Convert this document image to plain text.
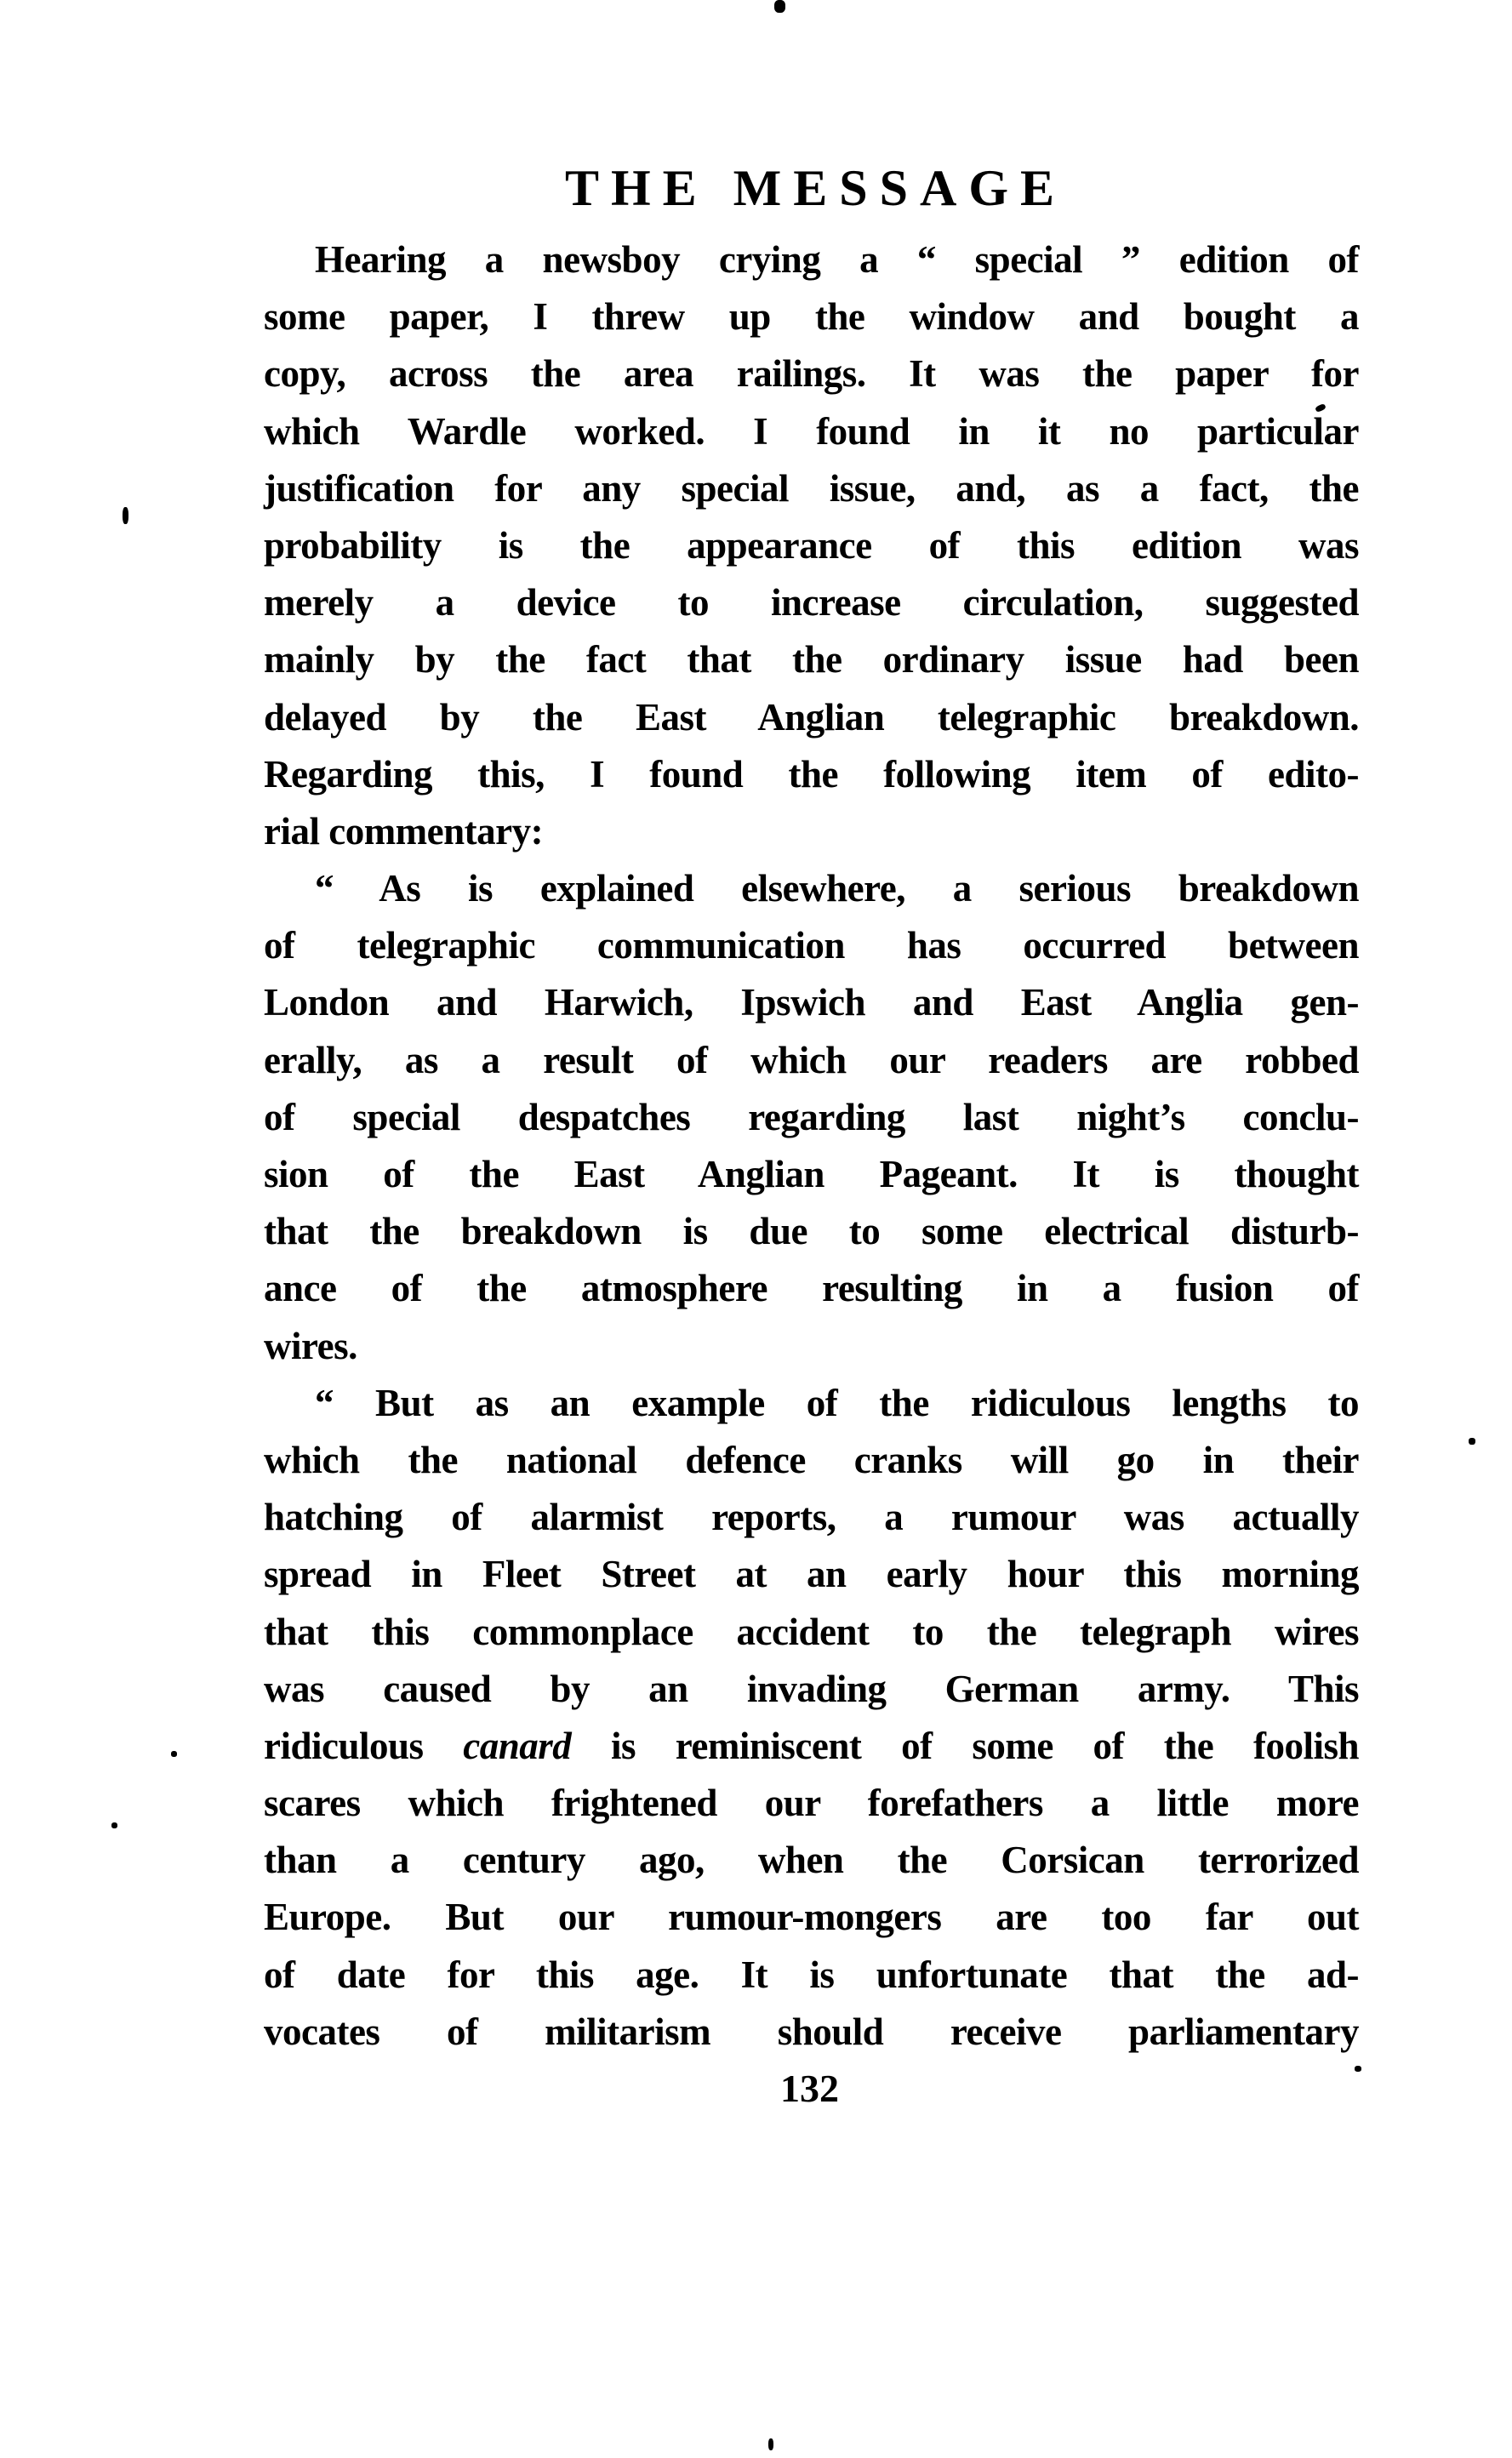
THE MESSAGE
Hearing a newsboy crying a “ special ” edition of
some paper, I threw up the window and bought a
copy, across the area railings. It was the paper for
which Wardle worked. I found in it no particular
justification for any special issue, and, as a fact, the
probability is the appearance of this edition was
merely a device to increase circulation, suggested
mainly by the fact that the ordinary issue had been
delayed by the East Anglian telegraphic breakdown.
Regarding this, I found the following item of edito-
rial commentary:
“ As is explained elsewhere, a serious breakdown
of telegraphic communication has occurred between
London and Harwich, Ipswich and East Anglia gen-
erally, as a result of which our readers are robbed
of special despatches regarding last night’s conclu-
sion of the East Anglian Pageant. It is thought
that the breakdown is due to some electrical disturb-
ance of the atmosphere resulting in a fusion of
wires.
“ But as an example of the ridiculous lengths to
which the national defence cranks will go in their
hatching of alarmist reports, a rumour was actually
spread in Fleet Street at an early hour this morning
that this commonplace accident to the telegraph wires
was caused by an invading German army. This
ridiculous canard is reminiscent of some of the foolish
scares which frightened our forefathers a little more
than a century ago, when the Corsican terrorized
Europe. But our rumour-mongers are too far out
of date for this age. It is unfortunate that the ad-
vocates of militarism should receive parliamentary
132
